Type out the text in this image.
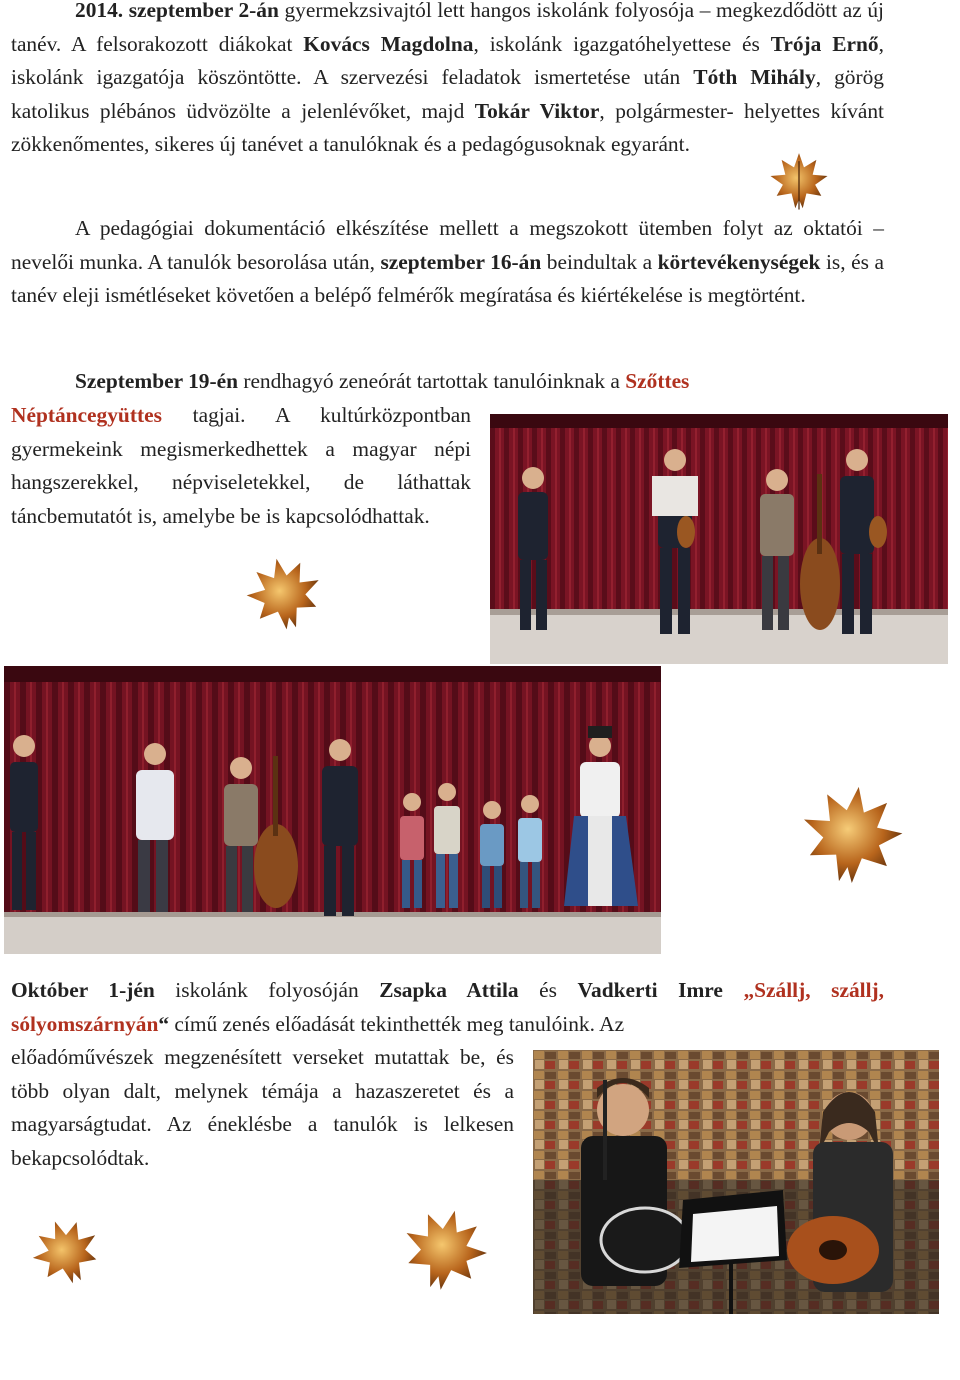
2014. szeptember 2-án gyermekzsivajtól lett hangos iskolánk folyosója – megkezdődött az új tanév. A felsorakozott diákokat Kovács Magdolna, iskolánk igazgatóhelyettese és Trója Ernő, iskolánk igazgatója köszöntötte. A szervezési feladatok ismertetése után Tóth Mihály, görög katolikus plébános üdvözölte a jelenlévőket, majd Tokár Viktor, polgármester- helyettes kívánt zökkenőmentes, sikeres új tanévet a tanulóknak és a pedagógusoknak egyaránt.

A pedagógiai dokumentáció elkészítése mellett a megszokott ütemben folyt az oktatói – nevelői munka. A tanulók besorolása után, szeptember 16-án beindultak a körtevékenységek is, és a tanév eleji ismétléseket követően a belépő felmérők megíratása és kiértékelése is megtörtént.

Szeptember 19-én rendhagyó zeneórát tartottak tanulóinknak a Szőttes

Néptáncegyüttes tagjai. A kultúrközpontban gyermekeink megismerkedhettek a magyar népi hangszerekkel, népviseletekkel, de láthattak táncbemutatót is, amelybe be is kapcsolódhattak.

Október 1-jén iskolánk folyosóján Zsapka Attila és Vadkerti Imre „Szállj, szállj, sólyomszárnyán“ című zenés előadását tekinthették meg tanulóink. Az

előadóművészek megzenésített verseket mutattak be, és több olyan dalt, melynek témája a hazaszeretet és a magyarságtudat. Az éneklésbe a tanulók is lelkesen bekapcsolódtak.
